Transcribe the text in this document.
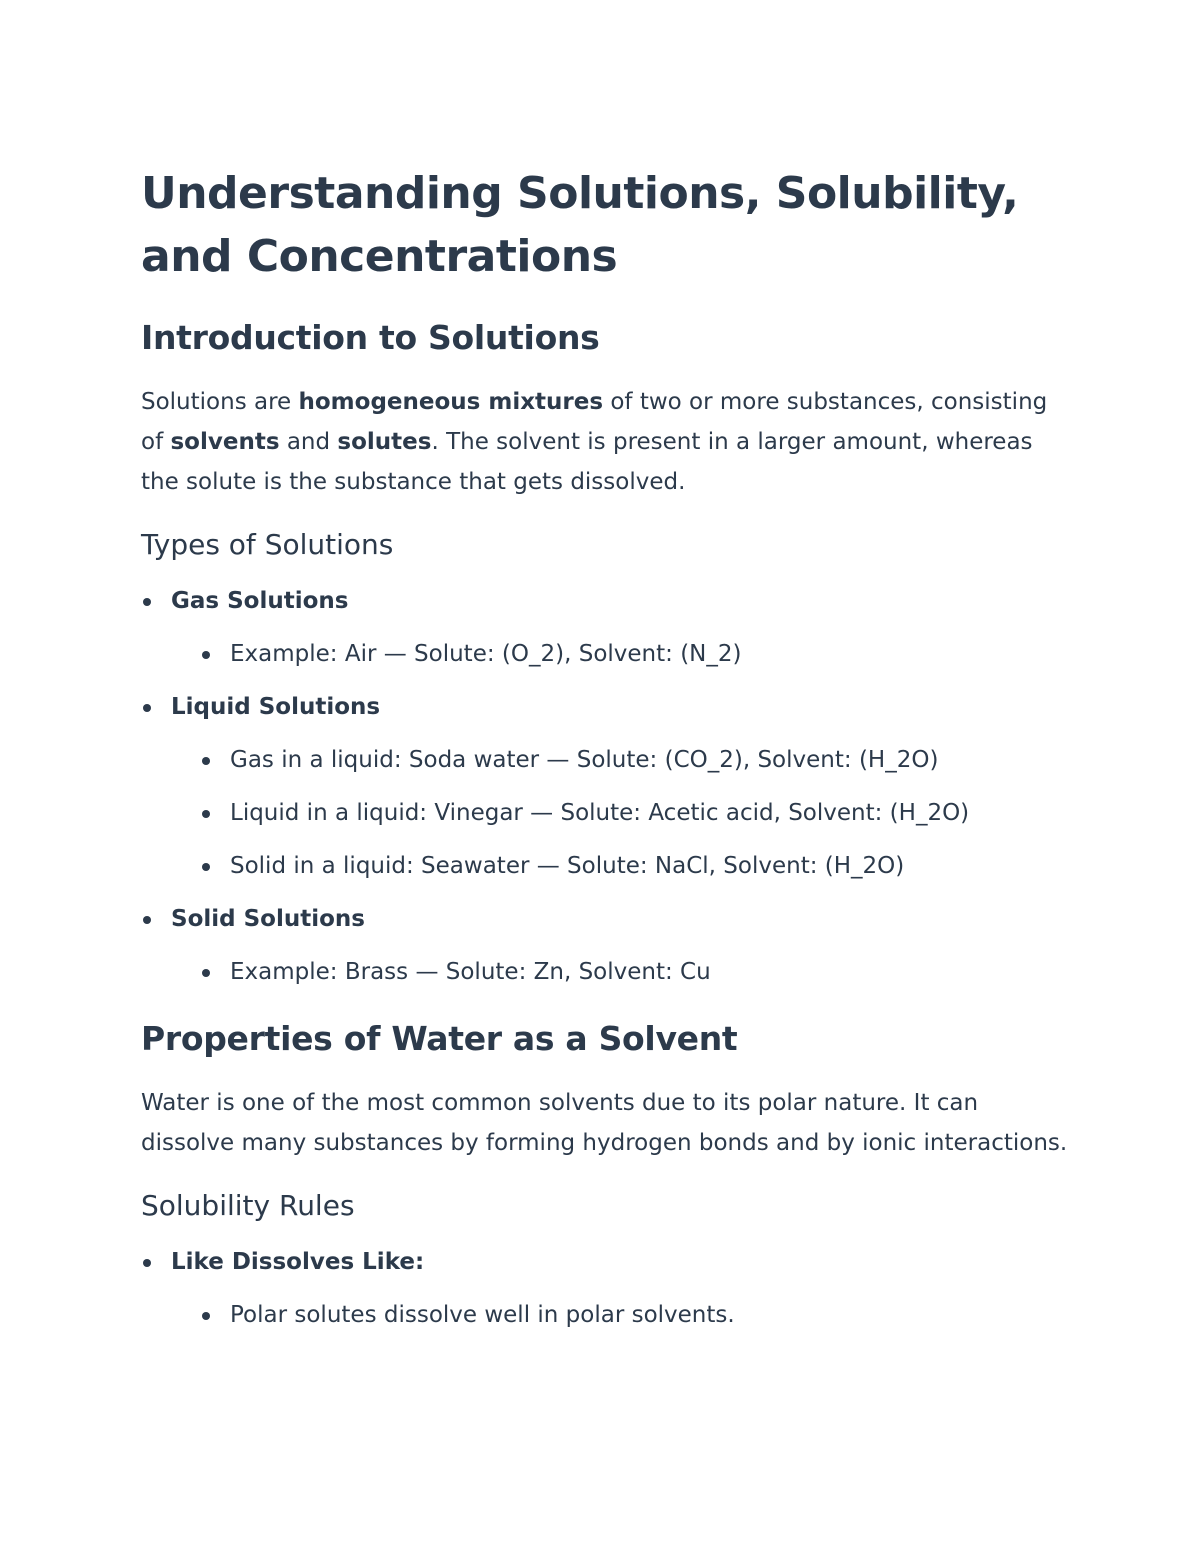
Understanding Solutions, Solubility, and Concentrations
Introduction to Solutions

Solutions are homogeneous mixtures of two or more substances, consisting of solvents and solutes. The solvent is present in a larger amount, whereas the solute is the substance that gets dissolved.

Types of Solutions
Gas Solutions
Example: Air — Solute: (O_2), Solvent: (N_2)
Liquid Solutions
Gas in a liquid: Soda water — Solute: (CO_2), Solvent: (H_2O)
Liquid in a liquid: Vinegar — Solute: Acetic acid, Solvent: (H_2O)
Solid in a liquid: Seawater — Solute: NaCl, Solvent: (H_2O)
Solid Solutions
Example: Brass — Solute: Zn, Solvent: Cu
Properties of Water as a Solvent

Water is one of the most common solvents due to its polar nature. It can dissolve many substances by forming hydrogen bonds and by ionic interactions.

Solubility Rules
Like Dissolves Like:
Polar solutes dissolve well in polar solvents.
